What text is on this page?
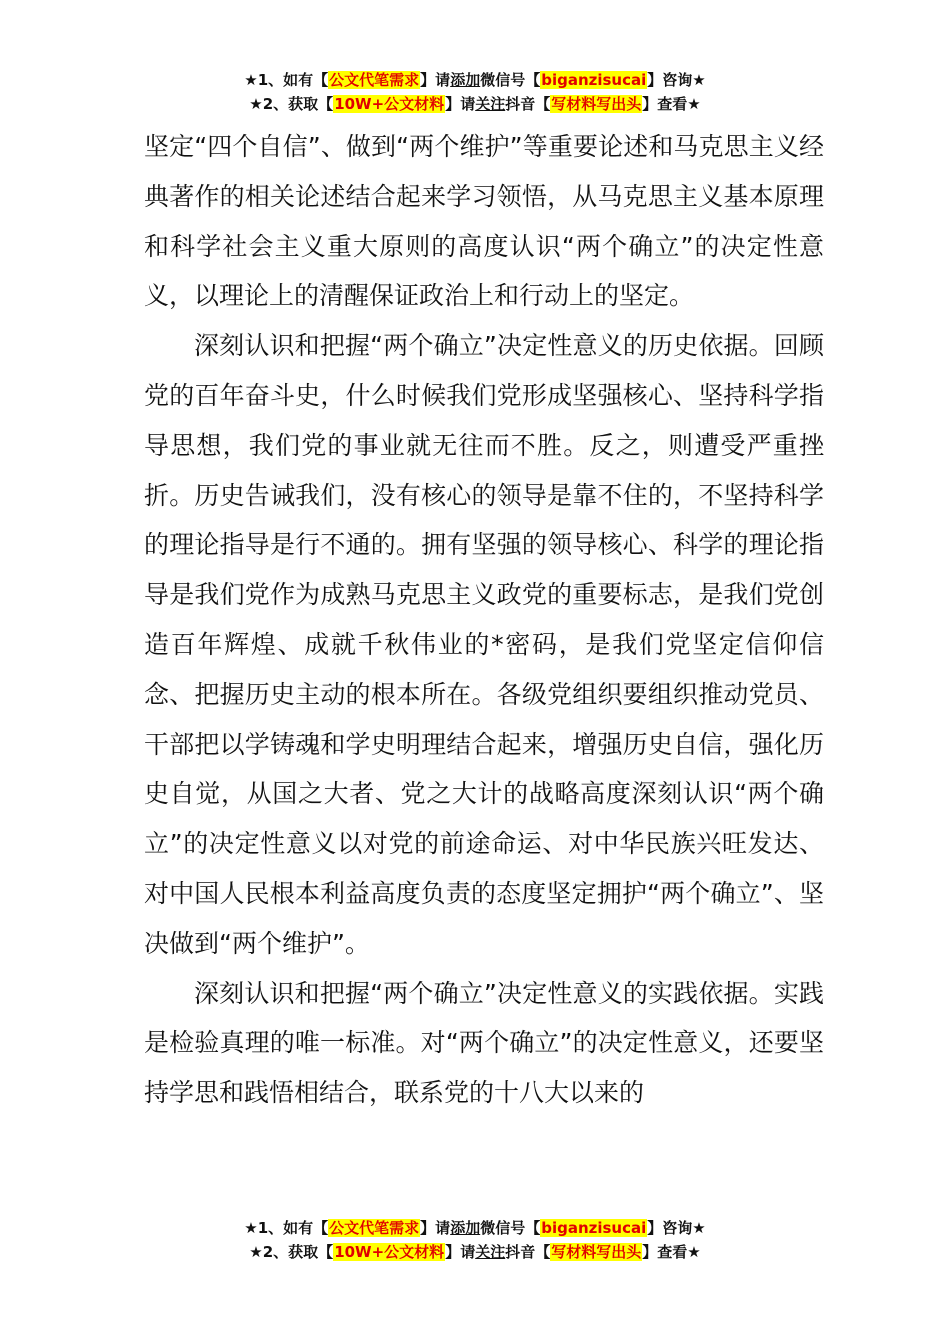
★1、如有【公文代笔需求】请添加微信号【biganzisucai】咨询★
★2、获取【10W+公文材料】请关注抖音【写材料写出头】查看★

坚定“四个自信”、做到“两个维护”等重要论述和马克思主义经典著作的相关论述结合起来学习领悟，从马克思主义基本原理和科学社会主义重大原则的高度认识“两个确立”的决定性意义，以理论上的清醒保证政治上和行动上的坚定。

深刻认识和把握“两个确立”决定性意义的历史依据。回顾党的百年奋斗史，什么时候我们党形成坚强核心、坚持科学指导思想，我们党的事业就无往而不胜。反之，则遭受严重挫折。历史告诫我们，没有核心的领导是靠不住的，不坚持科学的理论指导是行不通的。拥有坚强的领导核心、科学的理论指导是我们党作为成熟马克思主义政党的重要标志，是我们党创造百年辉煌、成就千秋伟业的*密码，是我们党坚定信仰信念、把握历史主动的根本所在。各级党组织要组织推动党员、干部把以学铸魂和学史明理结合起来，增强历史自信，强化历史自觉，从国之大者、党之大计的战略高度深刻认识“两个确立”的决定性意义以对党的前途命运、对中华民族兴旺发达、对中国人民根本利益高度负责的态度坚定拥护“两个确立”、坚决做到“两个维护”。

深刻认识和把握“两个确立”决定性意义的实践依据。实践是检验真理的唯一标准。对“两个确立”的决定性意义，还要坚持学思和践悟相结合，联系党的十八大以来的

★1、如有【公文代笔需求】请添加微信号【biganzisucai】咨询★
★2、获取【10W+公文材料】请关注抖音【写材料写出头】查看★
